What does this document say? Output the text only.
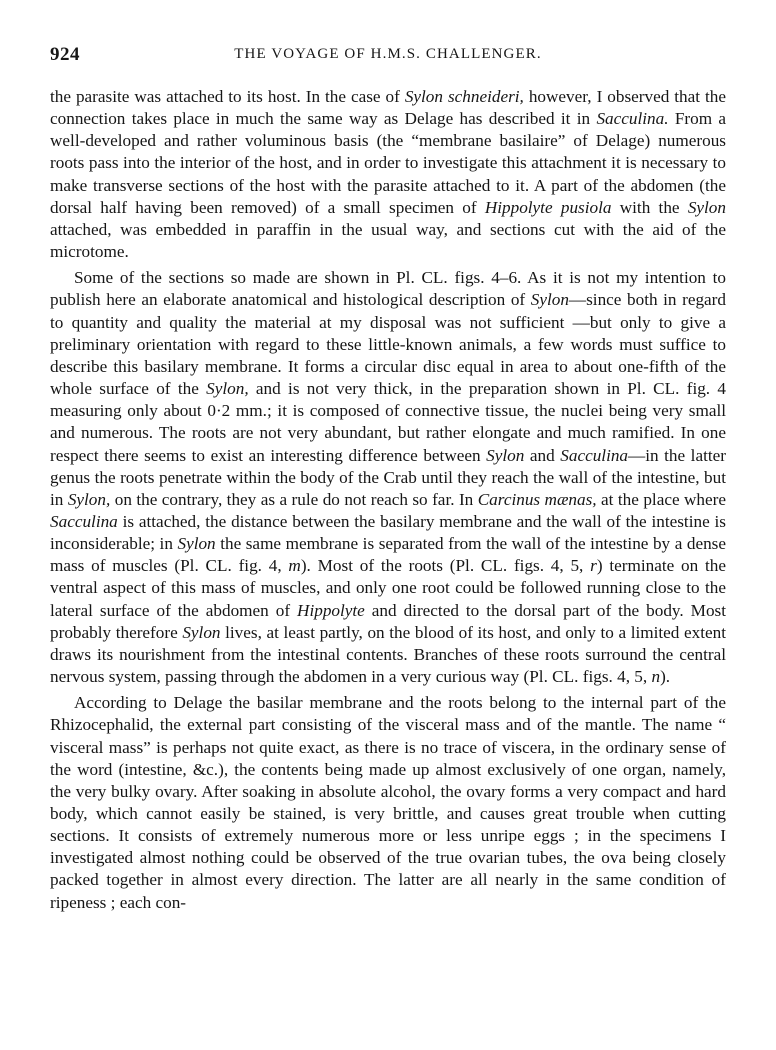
924	THE VOYAGE OF H.M.S. CHALLENGER.

the parasite was attached to its host. In the case of Sylon schneideri, however, I observed that the connection takes place in much the same way as Delage has described it in Sacculina. From a well-developed and rather voluminous basis (the “membrane basilaire” of Delage) numerous roots pass into the interior of the host, and in order to investigate this attachment it is necessary to make transverse sections of the host with the parasite attached to it. A part of the abdomen (the dorsal half having been removed) of a small specimen of Hippolyte pusiola with the Sylon attached, was embedded in paraffin in the usual way, and sections cut with the aid of the microtome.

Some of the sections so made are shown in Pl. CL. figs. 4–6. As it is not my intention to publish here an elaborate anatomical and histological description of Sylon—since both in regard to quantity and quality the material at my disposal was not sufficient —but only to give a preliminary orientation with regard to these little-known animals, a few words must suffice to describe this basilary membrane. It forms a circular disc equal in area to about one-fifth of the whole surface of the Sylon, and is not very thick, in the preparation shown in Pl. CL. fig. 4 measuring only about 0·2 mm.; it is composed of connective tissue, the nuclei being very small and numerous. The roots are not very abundant, but rather elongate and much ramified. In one respect there seems to exist an interesting difference between Sylon and Sacculina—in the latter genus the roots penetrate within the body of the Crab until they reach the wall of the intestine, but in Sylon, on the contrary, they as a rule do not reach so far. In Carcinus mænas, at the place where Sacculina is attached, the distance between the basilary membrane and the wall of the intestine is inconsiderable; in Sylon the same membrane is separated from the wall of the intestine by a dense mass of muscles (Pl. CL. fig. 4, m). Most of the roots (Pl. CL. figs. 4, 5, r) terminate on the ventral aspect of this mass of muscles, and only one root could be followed running close to the lateral surface of the abdomen of Hippolyte and directed to the dorsal part of the body. Most probably therefore Sylon lives, at least partly, on the blood of its host, and only to a limited extent draws its nourishment from the intestinal contents. Branches of these roots surround the central nervous system, passing through the abdomen in a very curious way (Pl. CL. figs. 4, 5, n).

According to Delage the basilar membrane and the roots belong to the internal part of the Rhizocephalid, the external part consisting of the visceral mass and of the mantle. The name “ visceral mass” is perhaps not quite exact, as there is no trace of viscera, in the ordinary sense of the word (intestine, &c.), the contents being made up almost exclusively of one organ, namely, the very bulky ovary. After soaking in absolute alcohol, the ovary forms a very compact and hard body, which cannot easily be stained, is very brittle, and causes great trouble when cutting sections. It consists of extremely numerous more or less unripe eggs ; in the specimens I investigated almost nothing could be observed of the true ovarian tubes, the ova being closely packed together in almost every direction. The latter are all nearly in the same condition of ripeness ; each con-
